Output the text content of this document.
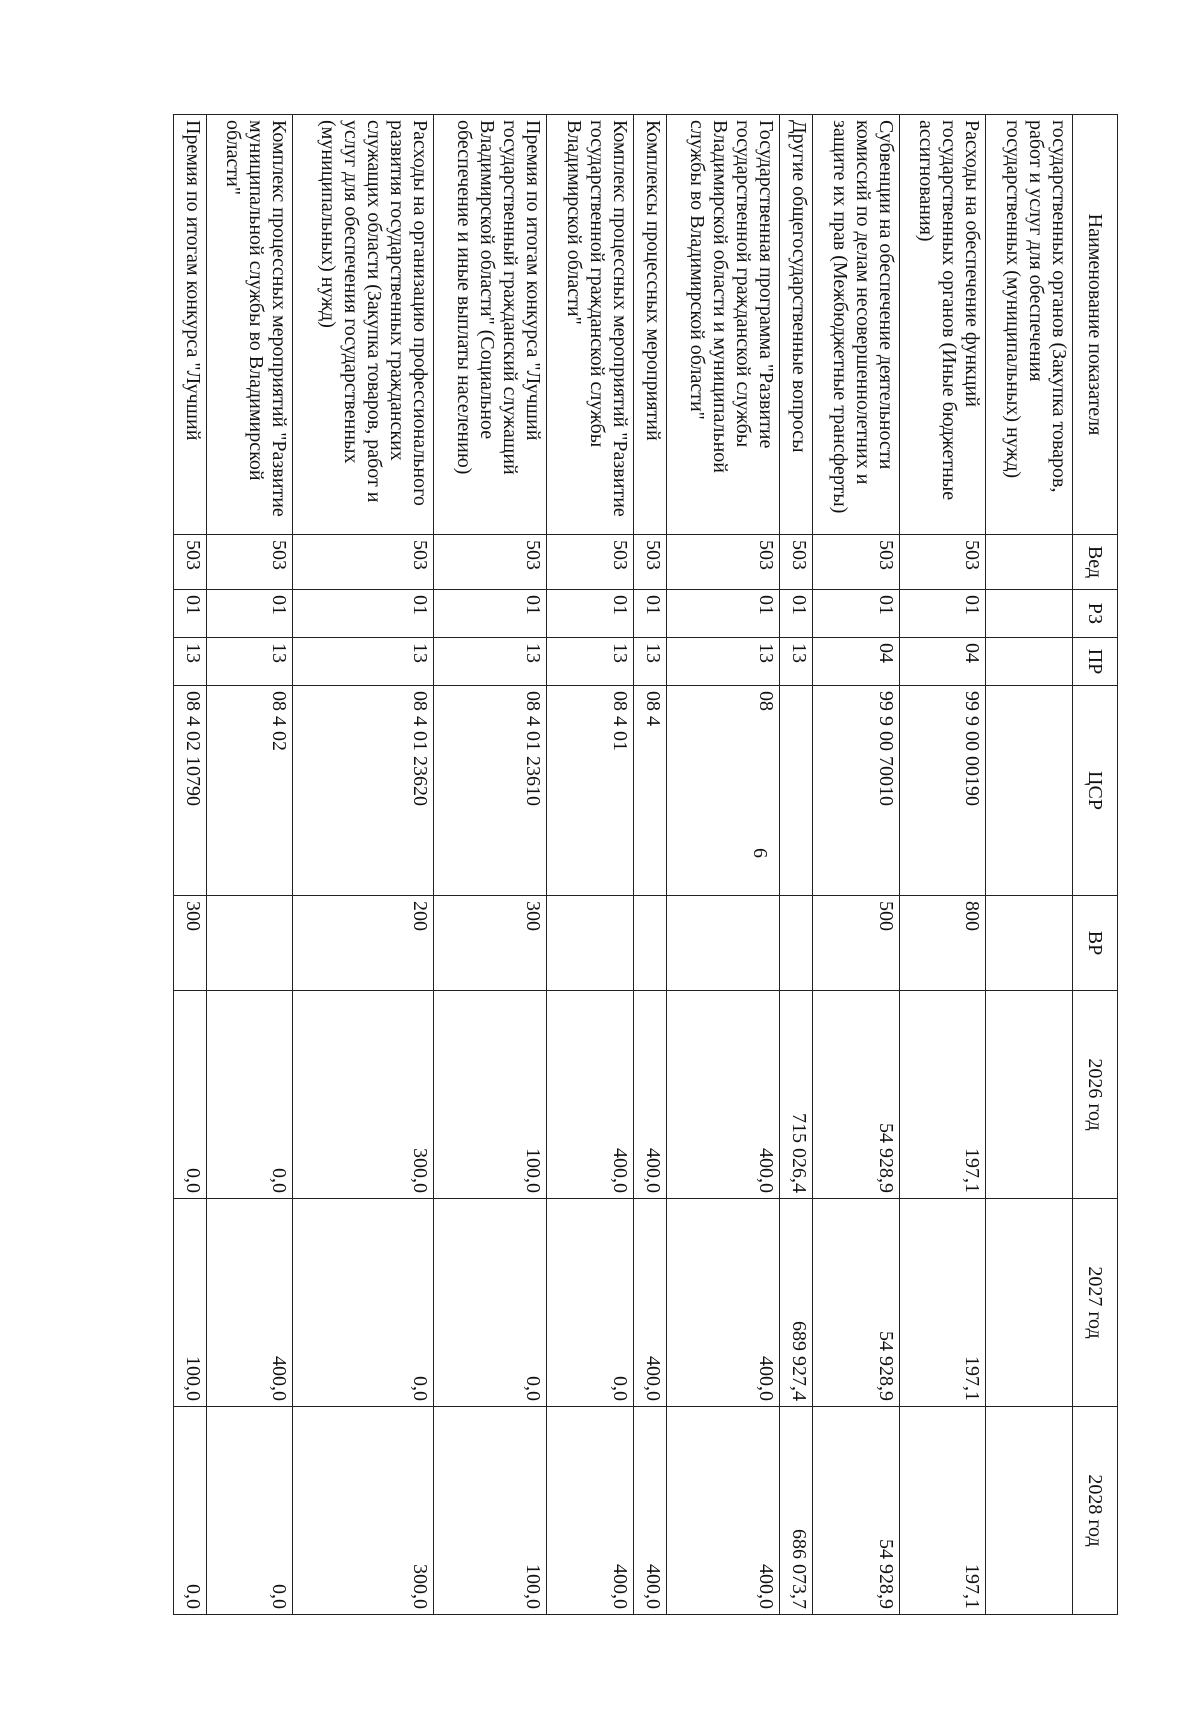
6
Наименование показателя	Вед	РЗ	ПР	ЦСР	ВР	2026 год	2027 год	2028 год
государственных органов (Закупка товаров, работ и услуг для обеспечения государственных (муниципальных) нужд)								
Расходы на обеспечение функций государственных органов (Иные бюджетные ассигнования)	503	01	04	99 9 00 00190	800	197,1	197,1	197,1
Субвенции на обеспечение деятельности комиссий по делам несовершеннолетних и защите их прав (Межбюджетные трансферты)	503	01	04	99 9 00 70010	500	54 928,9	54 928,9	54 928,9
Другие общегосударственные вопросы	503	01	13			715 026,4	689 927,4	686 073,7
Государственная программа "Развитие государственной гражданской службы Владимирской области и муниципальной службы во Владимирской области"	503	01	13	08		400,0	400,0	400,0
Комплексы процессных мероприятий	503	01	13	08 4		400,0	400,0	400,0
Комплекс процессных мероприятий "Развитие государственной гражданской службы Владимирской области"	503	01	13	08 4 01		400,0	0,0	400,0
Премия по итогам конкурса "Лучший государственный гражданский служащий Владимирской области" (Социальное обеспечение и иные выплаты населению)	503	01	13	08 4 01 23610	300	100,0	0,0	100,0
Расходы на организацию профессионального развития государственных гражданских служащих области (Закупка товаров, работ и услуг для обеспечения государственных (муниципальных) нужд)	503	01	13	08 4 01 23620	200	300,0	0,0	300,0
Комплекс процессных мероприятий "Развитие муниципальной службы во Владимирской области"	503	01	13	08 4 02		0,0	400,0	0,0
Премия по итогам конкурса "Лучший	503	01	13	08 4 02 10790	300	0,0	100,0	0,0
